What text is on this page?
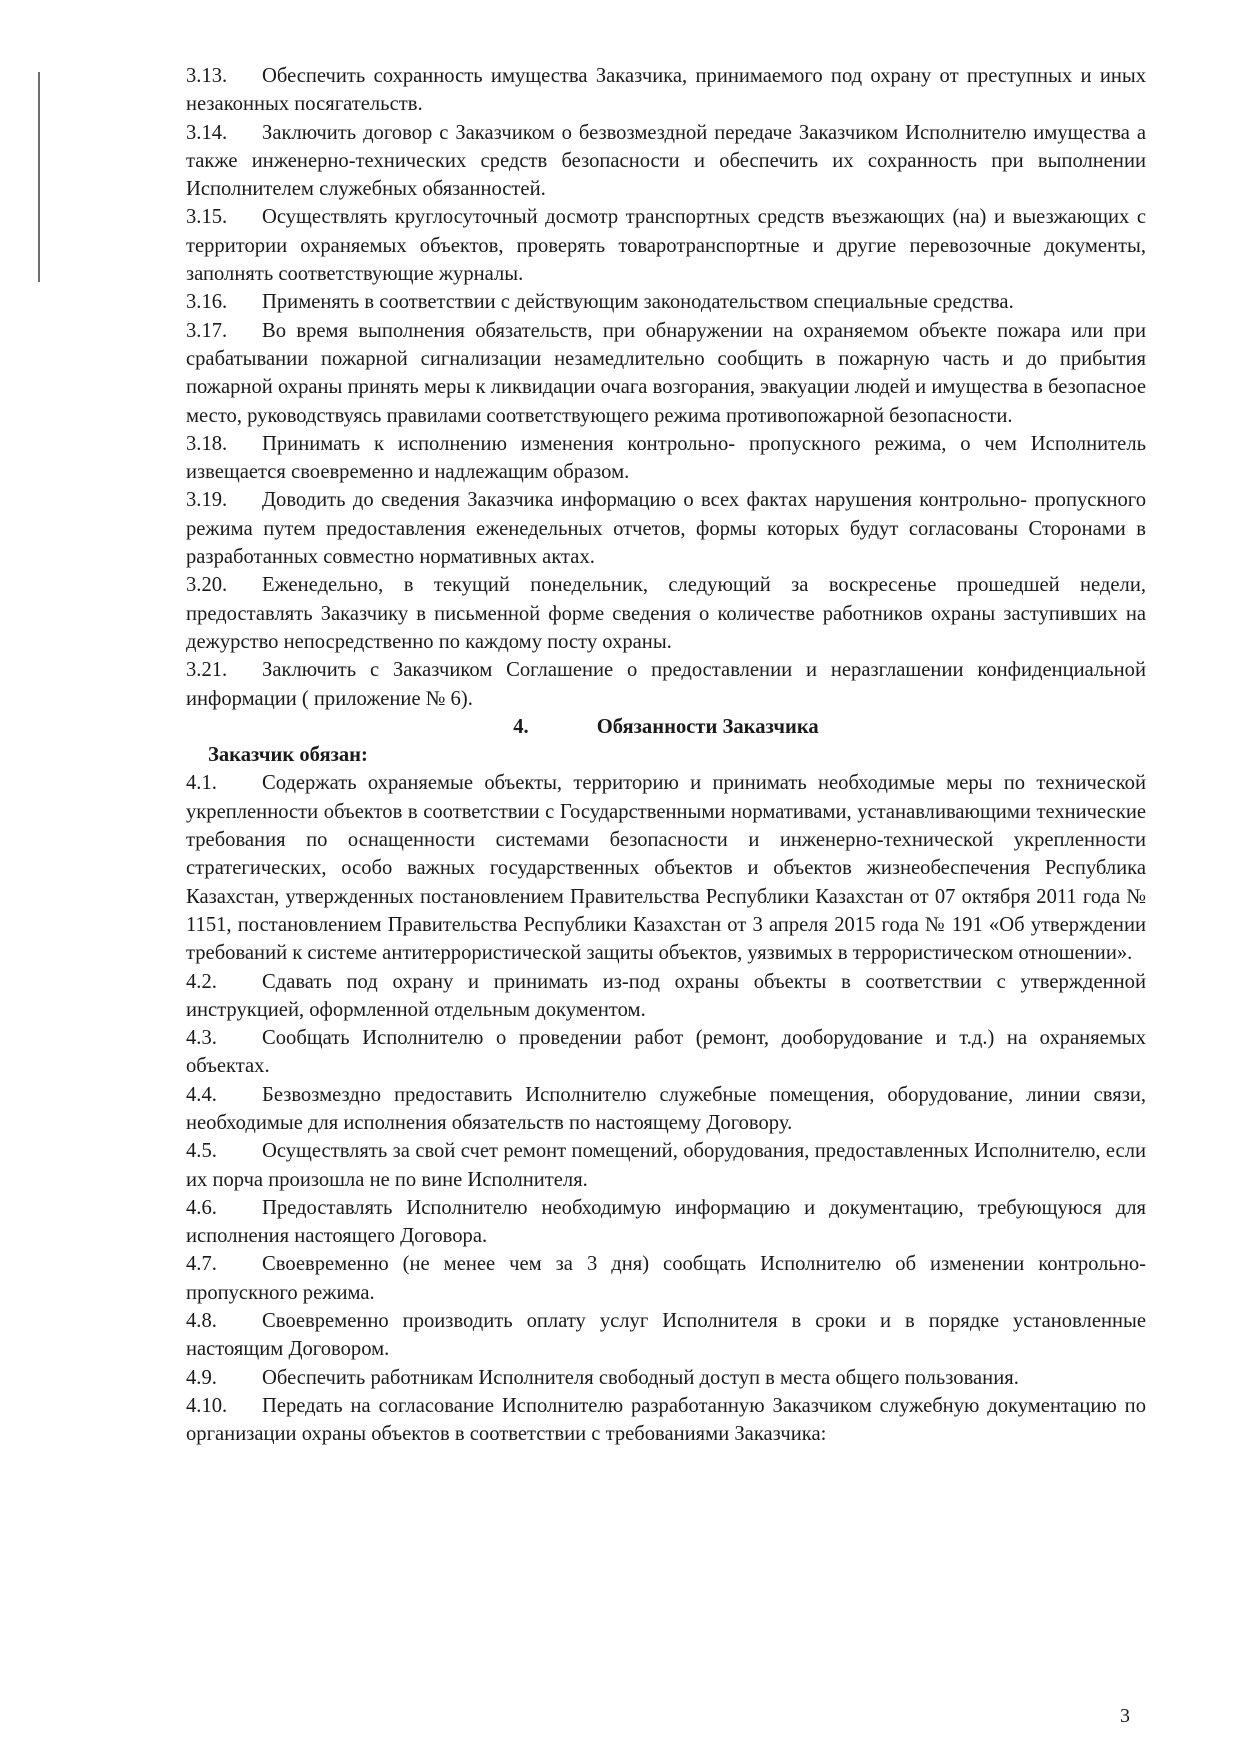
3.13. Обеспечить сохранность имущества Заказчика, принимаемого под охрану от преступных и иных незаконных посягательств.

3.14. Заключить договор с Заказчиком о безвозмездной передаче Заказчиком Исполнителю имущества а также инженерно-технических средств безопасности и обеспечить их сохранность при выполнении Исполнителем служебных обязанностей.

3.15. Осуществлять круглосуточный досмотр транспортных средств въезжающих (на) и выезжающих с территории охраняемых объектов, проверять товаротранспортные и другие перевозочные документы, заполнять соответствующие журналы.

3.16. Применять в соответствии с действующим законодательством специальные средства.

3.17. Во время выполнения обязательств, при обнаружении на охраняемом объекте пожара или при срабатывании пожарной сигнализации незамедлительно сообщить в пожарную часть и до прибытия пожарной охраны принять меры к ликвидации очага возгорания, эвакуации людей и имущества в безопасное место, руководствуясь правилами соответствующего режима противопожарной безопасности.

3.18. Принимать к исполнению изменения контрольно- пропускного режима, о чем Исполнитель извещается своевременно и надлежащим образом.

3.19. Доводить до сведения Заказчика информацию о всех фактах нарушения контрольно- пропускного режима путем предоставления еженедельных отчетов, формы которых будут согласованы Сторонами в разработанных совместно нормативных актах.

3.20. Еженедельно, в текущий понедельник, следующий за воскресенье прошедшей недели, предоставлять Заказчику в письменной форме сведения о количестве работников охраны заступивших на дежурство непосредственно по каждому посту охраны.

3.21. Заключить с Заказчиком Соглашение о предоставлении и неразглашении конфиденциальной информации ( приложение № 6).

4.	Обязанности Заказчика

Заказчик обязан:

4.1. Содержать охраняемые объекты, территорию и принимать необходимые меры по технической укрепленности объектов в соответствии с Государственными нормативами, устанавливающими технические требования по оснащенности системами безопасности и инженерно-технической укрепленности стратегических, особо важных государственных объектов и объектов жизнеобеспечения Республика Казахстан, утвержденных постановлением Правительства Республики Казахстан от 07 октября 2011 года № 1151, постановлением Правительства Республики Казахстан от 3 апреля 2015 года № 191 «Об утверждении требований к системе антитеррористической защиты объектов, уязвимых в террористическом отношении».

4.2. Сдавать под охрану и принимать из-под охраны объекты в соответствии с утвержденной инструкцией, оформленной отдельным документом.

4.3. Сообщать Исполнителю о проведении работ (ремонт, дооборудование и т.д.) на охраняемых объектах.

4.4. Безвозмездно предоставить Исполнителю служебные помещения, оборудование, линии связи, необходимые для исполнения обязательств по настоящему Договору.

4.5. Осуществлять за свой счет ремонт помещений, оборудования, предоставленных Исполнителю, если их порча произошла не по вине Исполнителя.

4.6. Предоставлять Исполнителю необходимую информацию и документацию, требующуюся для исполнения настоящего Договора.

4.7. Своевременно (не менее чем за 3 дня) сообщать Исполнителю об изменении контрольно-пропускного режима.

4.8. Своевременно производить оплату услуг Исполнителя в сроки и в порядке установленные настоящим Договором.

4.9. Обеспечить работникам Исполнителя свободный доступ в места общего пользования.

4.10. Передать на согласование Исполнителю разработанную Заказчиком служебную документацию по организации охраны объектов в соответствии с требованиями Заказчика:

3
